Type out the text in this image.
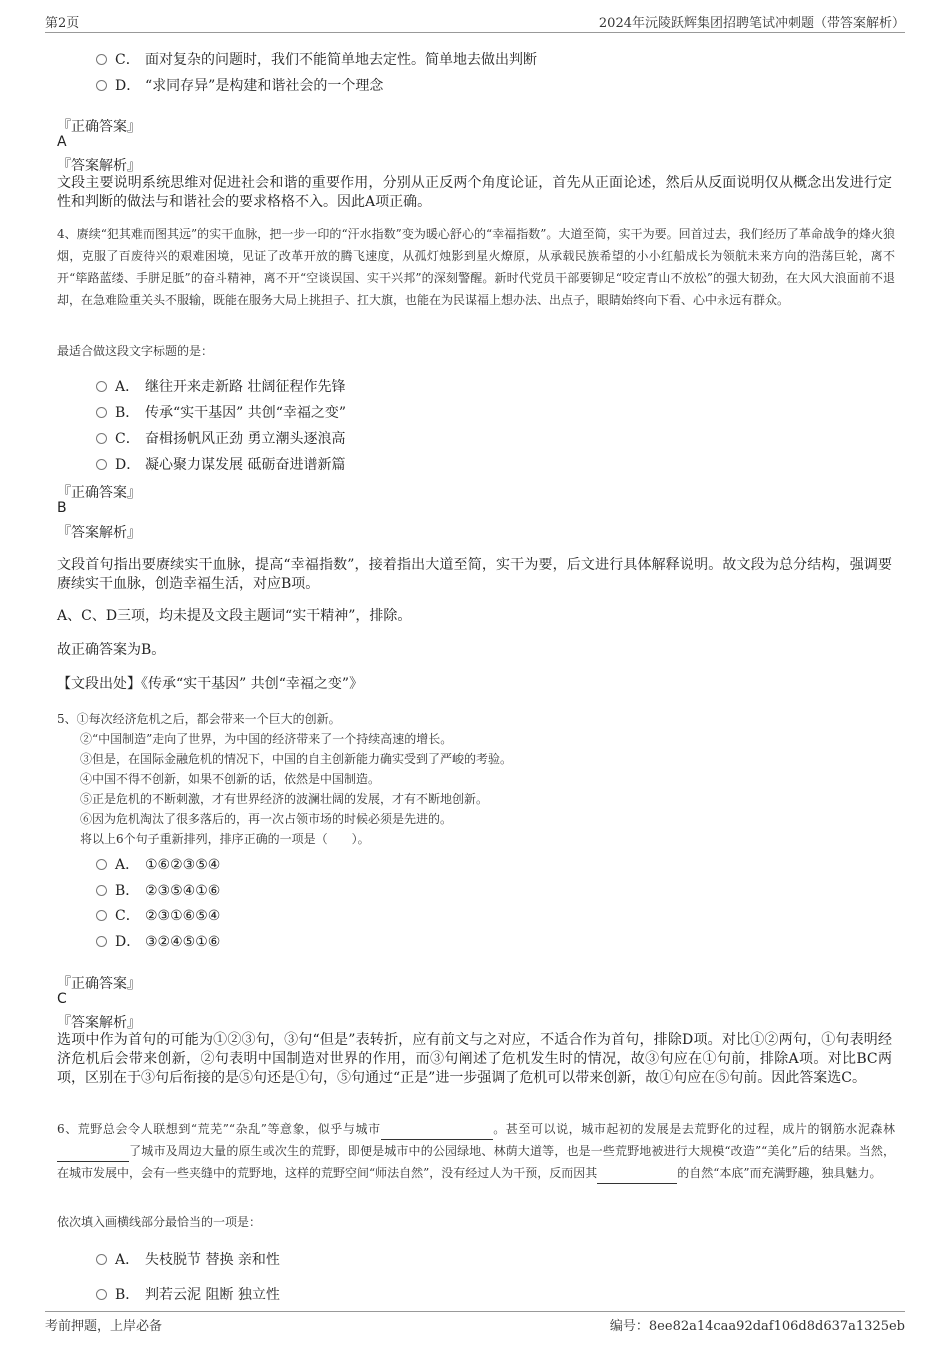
第2页	2024年沅陵跃辉集团招聘笔试冲刺题（带答案解析）
C． 面对复杂的问题时，我们不能简单地去定性。简单地去做出判断
D． “求同存异”是构建和谐社会的一个理念
『正确答案』
A
『答案解析』
文段主要说明系统思维对促进社会和谐的重要作用，分别从正反两个角度论证，首先从正面论述，然后从反面说明仅从概念出发进行定性和判断的做法与和谐社会的要求格格不入。因此A项正确。
4、赓续“犯其难而图其远”的实干血脉，把一步一印的“汗水指数”变为暖心舒心的“幸福指数”。大道至简，实干为要。回首过去，我们经历了革命战争的烽火狼烟，克服了百废待兴的艰难困境，见证了改革开放的腾飞速度，从孤灯烛影到星火燎原，从承载民族希望的小小红船成长为领航未来方向的浩荡巨轮，离不开“筚路蓝缕、手胼足胝”的奋斗精神，离不开“空谈误国、实干兴邦”的深刻警醒。新时代党员干部要铆足“咬定青山不放松”的强大韧劲，在大风大浪面前不退却，在急难险重关头不服输，既能在服务大局上挑担子、扛大旗，也能在为民谋福上想办法、出点子，眼睛始终向下看、心中永远有群众。
最适合做这段文字标题的是：
A． 继往开来走新路 壮阔征程作先锋
B． 传承“实干基因” 共创“幸福之变”
C． 奋楫扬帆风正劲 勇立潮头逐浪高
D． 凝心聚力谋发展 砥砺奋进谱新篇
『正确答案』
B
『答案解析』
文段首句指出要赓续实干血脉，提高“幸福指数”，接着指出大道至简，实干为要，后文进行具体解释说明。故文段为总分结构，强调要赓续实干血脉，创造幸福生活，对应B项。
A、C、D三项，均未提及文段主题词“实干精神”，排除。
故正确答案为B。
【文段出处】《传承“实干基因” 共创“幸福之变”》
5、①每次经济危机之后，都会带来一个巨大的创新。
②“中国制造”走向了世界，为中国的经济带来了一个持续高速的增长。
③但是，在国际金融危机的情况下，中国的自主创新能力确实受到了严峻的考验。
④中国不得不创新，如果不创新的话，依然是中国制造。
⑤正是危机的不断刺激，才有世界经济的波澜壮阔的发展，才有不断地创新。
⑥因为危机淘汰了很多落后的，再一次占领市场的时候必须是先进的。
将以上6个句子重新排列，排序正确的一项是（　　）。
A． ①⑥②③⑤④
B． ②③⑤④①⑥
C． ②③①⑥⑤④
D． ③②④⑤①⑥
『正确答案』
C
『答案解析』
选项中作为首句的可能为①②③句，③句“但是”表转折，应有前文与之对应，不适合作为首句，排除D项。对比①②两句，①句表明经济危机后会带来创新，②句表明中国制造对世界的作用，而③句阐述了危机发生时的情况，故③句应在①句前，排除A项。对比BC两项，区别在于③句后衔接的是⑤句还是①句，⑤句通过“正是”进一步强调了危机可以带来创新，故①句应在⑤句前。因此答案选C。
6、荒野总会令人联想到“荒芜”“杂乱”等意象，似乎与城市	。甚至可以说，城市起初的发展是去荒野化的过程，成片的钢筋水泥森林了城市及周边大量的原生或次生的荒野，即便是城市中的公园绿地、林荫大道等，也是一些荒野地被进行大规模“改造”“美化”后的结果。当然，在城市发展中，会有一些夹缝中的荒野地，这样的荒野空间“师法自然”，没有经过人为干预，反而因其	的自然“本底”而充满野趣，独具魅力。
依次填入画横线部分最恰当的一项是：
A． 失枝脱节 替换 亲和性
B． 判若云泥 阻断 独立性
考前押题，上岸必备	编号：8ee82a14caa92daf106d8d637a1325eb
